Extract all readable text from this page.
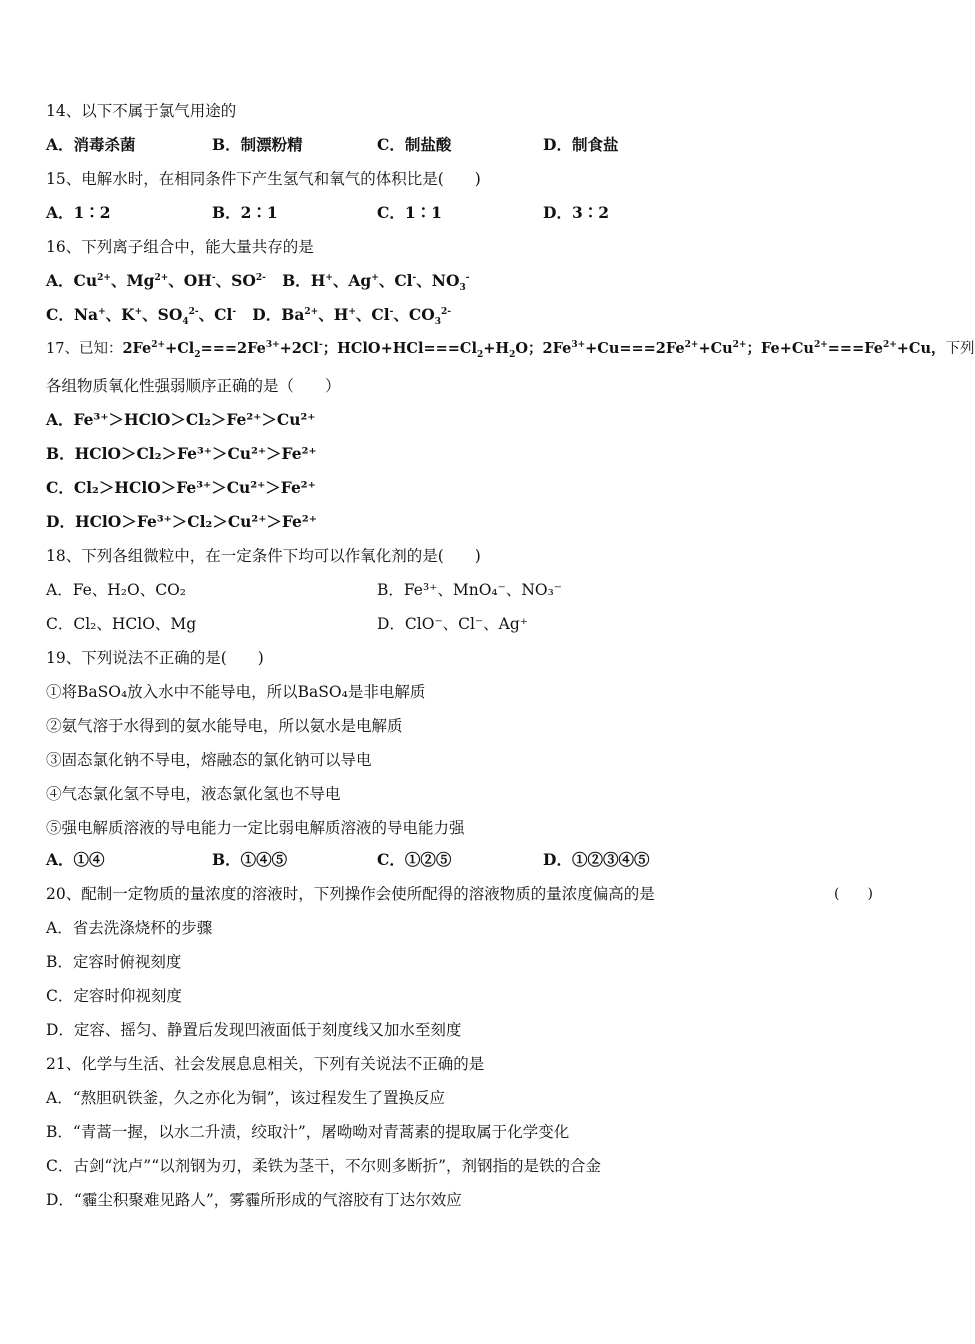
14、以下不属于氯气用途的
A．消毒杀菌	B．制漂粉精	C．制盐酸	D．制食盐
15、电解水时，在相同条件下产生氢气和氧气的体积比是(　　)
A．1∶2	B．2∶1	C．1∶1	D．3∶2
16、下列离子组合中，能大量共存的是
A．$Cu^{2+}$、$Mg^{2+}$、OH-、$SO^{2-}$ B．H+、Ag+、Cl-、$NO_3^-$
C．Na+、K+、$SO_4^{2-}$、Cl- D．$Ba^{2+}$、H+、Cl-、$CO_3^{2-}$
17、已知：$2Fe^{2+}+Cl_2===2Fe^{3+}+2Cl^-$；$HClO+HCl===Cl_2+H_2O$；$2Fe^{3+}+Cu===2Fe^{2+}+Cu^{2+}$；$Fe+Cu^{2+}===Fe^{2+}+Cu$，下列
各组物质氧化性强弱顺序正确的是（　　）
A．Fe³⁺＞HClO＞Cl₂＞Fe²⁺＞Cu²⁺
B．HClO＞Cl₂＞Fe³⁺＞Cu²⁺＞Fe²⁺
C．Cl₂＞HClO＞Fe³⁺＞Cu²⁺＞Fe²⁺
D．HClO＞Fe³⁺＞Cl₂＞Cu²⁺＞Fe²⁺
18、下列各组微粒中，在一定条件下均可以作氧化剂的是(　　)
A．Fe、H₂O、CO₂	B．Fe³⁺、MnO₄⁻、NO₃⁻
C．Cl₂、HClO、Mg	D．ClO⁻、Cl⁻、Ag⁺
19、下列说法不正确的是(　　)
①将BaSO₄放入水中不能导电，所以BaSO₄是非电解质
②氨气溶于水得到的氨水能导电，所以氨水是电解质
③固态氯化钠不导电，熔融态的氯化钠可以导电
④气态氯化氢不导电，液态氯化氢也不导电
⑤强电解质溶液的导电能力一定比弱电解质溶液的导电能力强
A．①④	B．①④⑤	C．①②⑤	D．①②③④⑤
20、配制一定物质的量浓度的溶液时，下列操作会使所配得的溶液物质的量浓度偏高的是	(　　)
A．省去洗涤烧杯的步骤
B．定容时俯视刻度
C．定容时仰视刻度
D．定容、摇匀、静置后发现凹液面低于刻度线又加水至刻度
21、化学与生活、社会发展息息相关，下列有关说法不正确的是
A．“熬胆矾铁釜，久之亦化为铜”，该过程发生了置换反应
B．“青蒿一握，以水二升渍，绞取汁”，屠呦呦对青蒿素的提取属于化学变化
C．古剑“沈卢”“以剂钢为刃，柔铁为茎干，不尔则多断折”，剂钢指的是铁的合金
D．“霾尘积聚难见路人”，雾霾所形成的气溶胶有丁达尔效应
